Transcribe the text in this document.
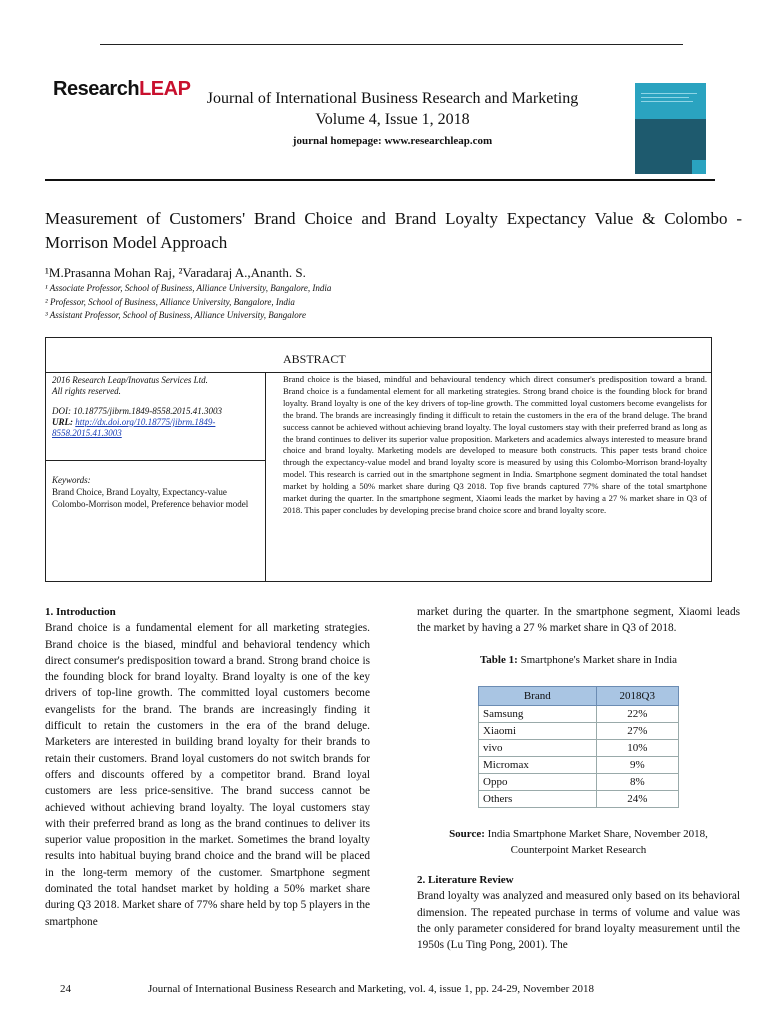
ResearchLEAP Journal of International Business Research and Marketing
Volume 4, Issue 1, 2018
journal homepage: www.researchleap.com
Measurement of Customers' Brand Choice and Brand Loyalty Expectancy Value & Colombo - Morrison Model Approach
¹M.Prasanna Mohan Raj, ²Varadaraj A.,Ananth. S.
¹ Associate Professor, School of Business, Alliance University, Bangalore, India
² Professor, School of Business, Alliance University, Bangalore, India
³ Assistant Professor, School of Business, Alliance University, Bangalore
ABSTRACT
2016 Research Leap/Inovatus Services Ltd.
All rights reserved.
DOI: 10.18775/jibrm.1849-8558.2015.41.3003
URL: http://dx.doi.org/10.18775/jibrm.1849-8558.2015.41.3003
Keywords:
Brand Choice, Brand Loyalty, Expectancy-value Colombo-Morrison model, Preference behavior model
Brand choice is the biased, mindful and behavioural tendency which direct consumer's predisposition toward a brand. Brand choice is a fundamental element for all marketing strategies. Strong brand choice is the founding block for brand loyalty. Brand loyalty is one of the key drivers of top-line growth. The committed loyal customers become evangelists for the brand. The brands are increasingly finding it difficult to retain the customers in the era of the brand deluge. The brand success cannot be achieved without achieving brand loyalty. The loyal customers stay with their preferred brand as long as the brand continues to deliver its superior value proposition. Marketers and academics always interested to measure brand choice and brand loyalty. Marketing models are developed to measure both constructs. This paper tests brand choice through the expectancy-value model and brand loyalty score is measured by using this Colombo-Morrison brand-loyalty model. This research is carried out in the smartphone segment in India. Smartphone segment dominated the total handset market by holding a 50% market share during Q3 2018. Top five brands captured 77% share of the total smartphone market during the quarter. In the smartphone segment, Xiaomi leads the market by having a 27 % market share in Q3 of 2018. This paper concludes by developing precise brand choice score and brand loyalty score.
1. Introduction
Brand choice is a fundamental element for all marketing strategies. Brand choice is the biased, mindful and behavioral tendency which direct consumer's predisposition toward a brand. Strong brand choice is the founding block for brand loyalty. Brand loyalty is one of the key drivers of top-line growth. The committed loyal customers become evangelists for the brand. The brands are increasingly finding it difficult to retain the customers in the era of the brand deluge. Marketers are interested in building brand loyalty for their brands to retain their customers. Brand loyal customers do not switch brands for offers and discounts offered by a competitor brand. Brand loyal customers are less price-sensitive. The brand success cannot be achieved without achieving brand loyalty. The loyal customers stay with their preferred brand as long as the brand continues to deliver its superior value proposition in the market. Sometimes the brand loyalty results into habitual buying brand choice and the brand will be placed in the long-term memory of the customer. Smartphone segment dominated the total handset market by holding a 50% market share during Q3 2018. Market share of 77% share held by top 5 players in the smartphone
market during the quarter. In the smartphone segment, Xiaomi leads the market by having a 27 % market share in Q3 of 2018.
Table 1: Smartphone's Market share in India
Brand	2018Q3
Samsung	22%
Xiaomi	27%
vivo	10%
Micromax	9%
Oppo	8%
Others	24%
Source: India Smartphone Market Share, November 2018,
Counterpoint Market Research
2. Literature Review
Brand loyalty was analyzed and measured only based on its behavioral dimension. The repeated purchase in terms of volume and value was the only parameter considered for brand loyalty measurement until the 1950s (Lu Ting Pong, 2001). The
24	Journal of International Business Research and Marketing, vol. 4, issue 1, pp. 24-29, November 2018
